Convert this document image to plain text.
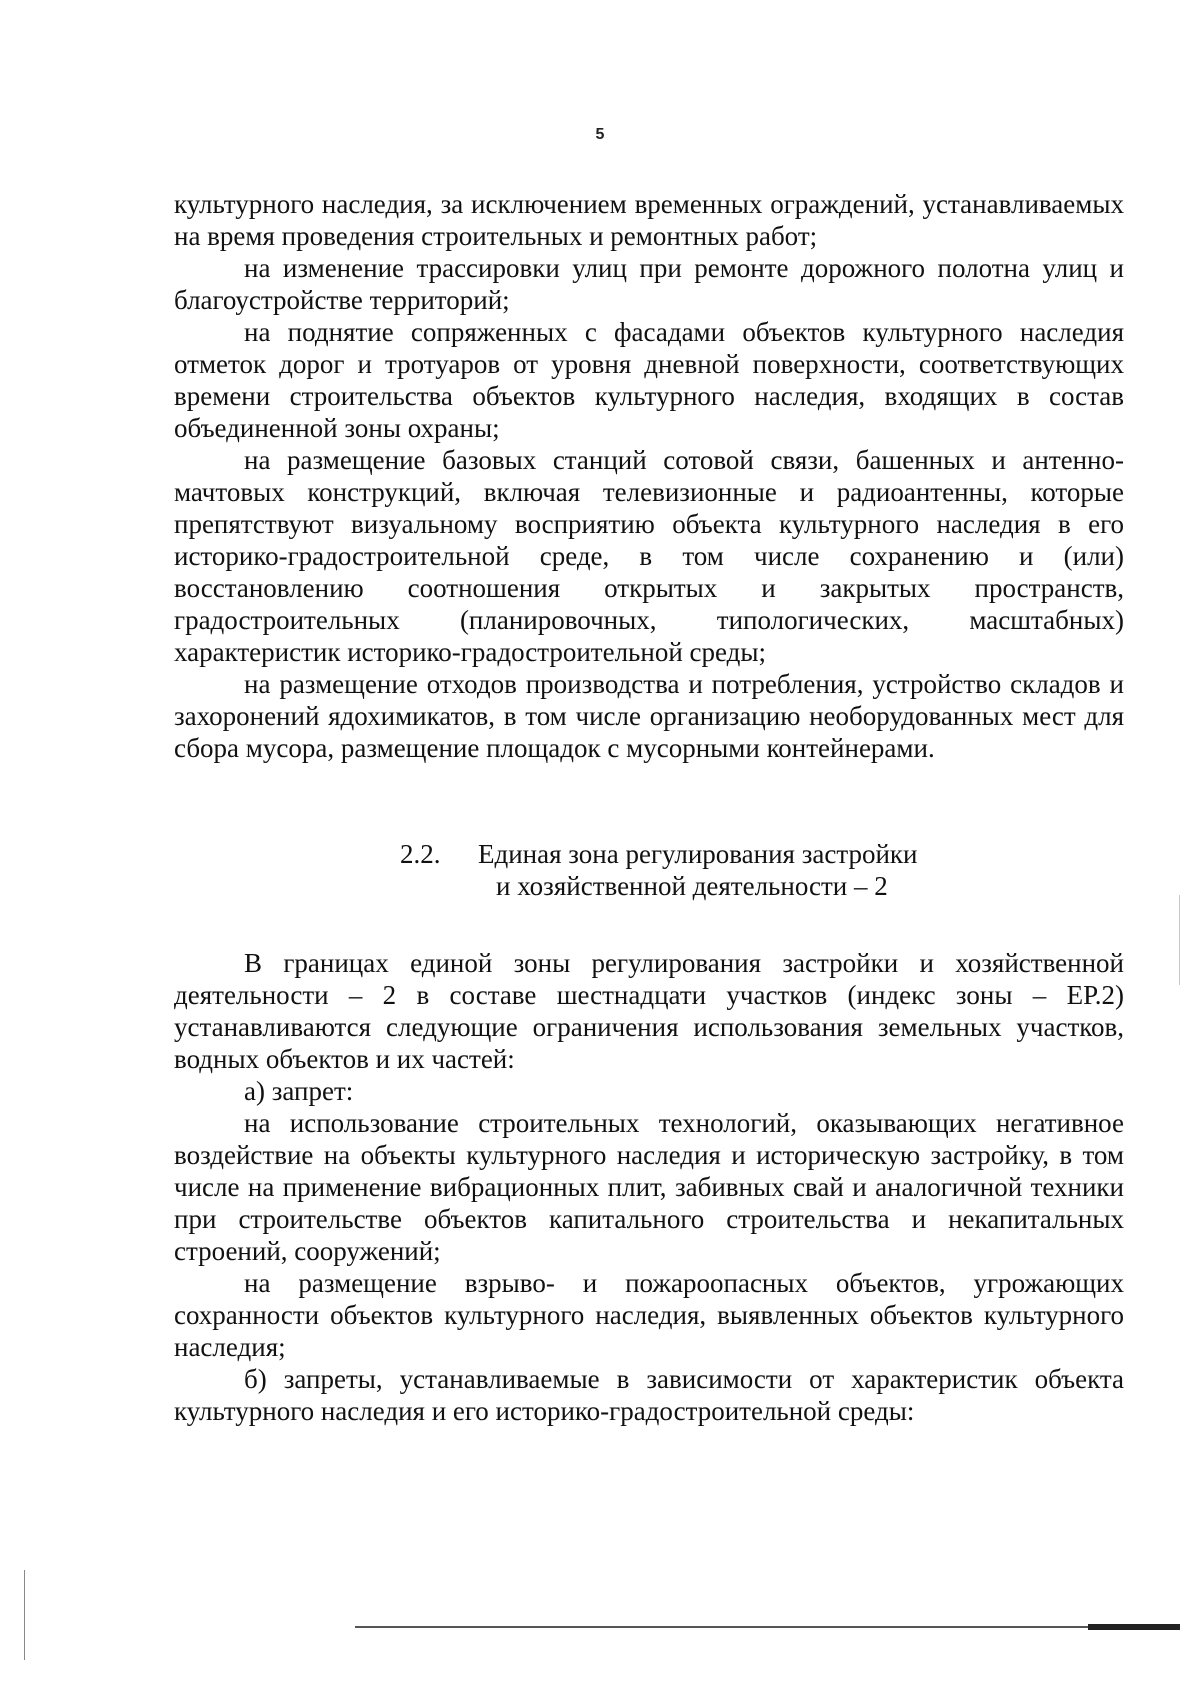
5

культурного наследия, за исключением временных ограждений, устанавливаемых на время проведения строительных и ремонтных работ;

на изменение трассировки улиц при ремонте дорожного полотна улиц и благоустройстве территорий;

на поднятие сопряженных с фасадами объектов культурного наследия отметок дорог и тротуаров от уровня дневной поверхности, соответствующих времени строительства объектов культурного наследия, входящих в состав объединенной зоны охраны;

на размещение базовых станций сотовой связи, башенных и антенно-мачтовых конструкций, включая телевизионные и радиоантенны, которые препятствуют визуальному восприятию объекта культурного наследия в его историко-градостроительной среде, в том числе сохранению и (или) восстановлению соотношения открытых и закрытых пространств, градостроительных (планировочных, типологических, масштабных) характеристик историко-градостроительной среды;

на размещение отходов производства и потребления, устройство складов и захоронений ядохимикатов, в том числе организацию необорудованных мест для сбора мусора, размещение площадок с мусорными контейнерами.

2.2. Единая зона регулирования застройки
и хозяйственной деятельности – 2

В границах единой зоны регулирования застройки и хозяйственной деятельности – 2 в составе шестнадцати участков (индекс зоны – ЕР.2) устанавливаются следующие ограничения использования земельных участков, водных объектов и их частей:

а) запрет:

на использование строительных технологий, оказывающих негативное воздействие на объекты культурного наследия и историческую застройку, в том числе на применение вибрационных плит, забивных свай и аналогичной техники при строительстве объектов капитального строительства и некапитальных строений, сооружений;

на размещение взрыво- и пожароопасных объектов, угрожающих сохранности объектов культурного наследия, выявленных объектов культурного наследия;

б) запреты, устанавливаемые в зависимости от характеристик объекта культурного наследия и его историко-градостроительной среды:
